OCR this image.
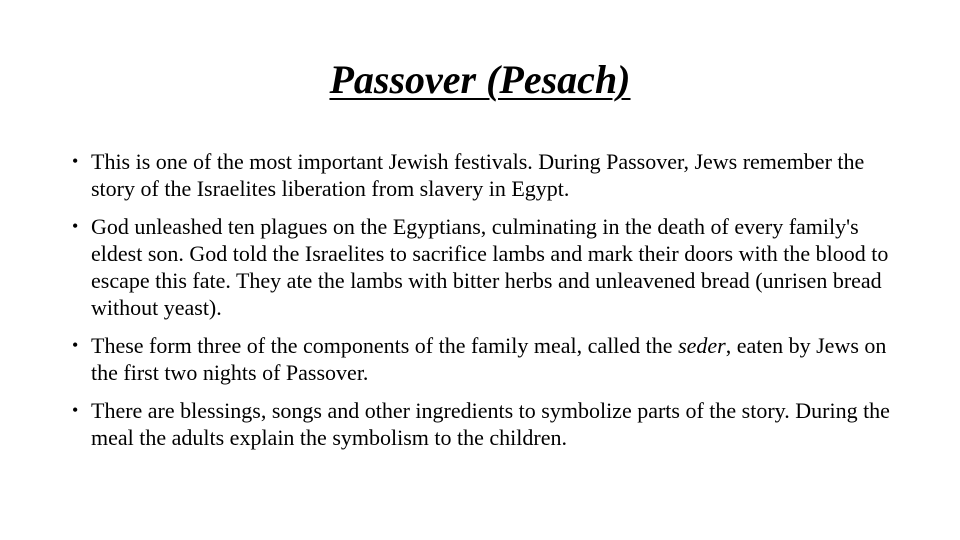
Passover (Pesach)
• This is one of the most important Jewish festivals. During Passover, Jews remember the story of the Israelites liberation from slavery in Egypt.
• God unleashed ten plagues on the Egyptians, culminating in the death of every family's eldest son. God told the Israelites to sacrifice lambs and mark their doors with the blood to escape this fate. They ate the lambs with bitter herbs and unleavened bread (unrisen bread without yeast).
• These form three of the components of the family meal, called the seder, eaten by Jews on the first two nights of Passover.
• There are blessings, songs and other ingredients to symbolize parts of the story. During the meal the adults explain the symbolism to the children.
